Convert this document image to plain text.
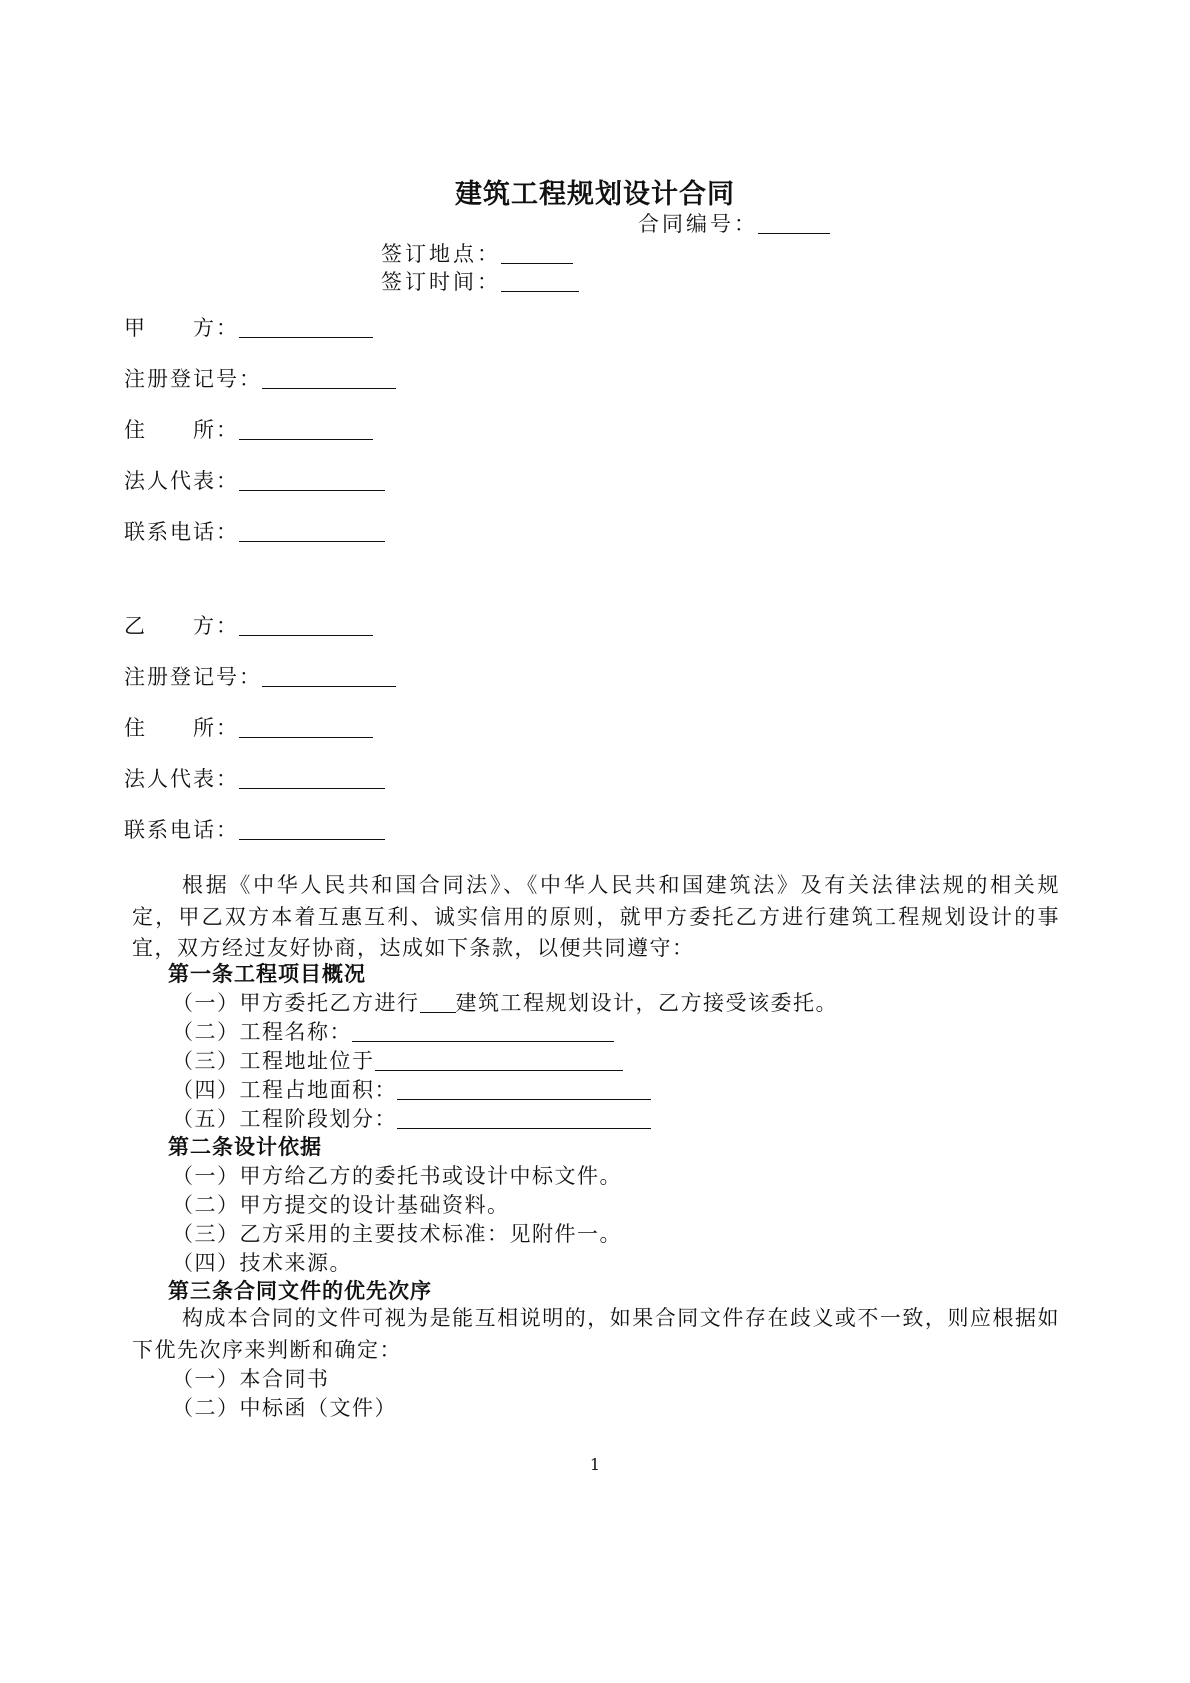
建筑工程规划设计合同
合同编号：
签订地点：
签订时间：
甲　　方：
注册登记号：
住　　所：
法人代表：
联系电话：
乙　　方：
注册登记号：
住　　所：
法人代表：
联系电话：
根据《中华人民共和国合同法》、《中华人民共和国建筑法》及有关法律法规的相关规定，甲乙双方本着互惠互利、诚实信用的原则，就甲方委托乙方进行建筑工程规划设计的事宜，双方经过友好协商，达成如下条款，以便共同遵守：
第一条工程项目概况
（一）甲方委托乙方进行 建筑工程规划设计，乙方接受该委托。
（二）工程名称：
（三）工程地址位于
（四）工程占地面积：
（五）工程阶段划分：
第二条设计依据
（一）甲方给乙方的委托书或设计中标文件。
（二）甲方提交的设计基础资料。
（三）乙方采用的主要技术标准：见附件一。
（四）技术来源。
第三条合同文件的优先次序
构成本合同的文件可视为是能互相说明的，如果合同文件存在歧义或不一致，则应根据如下优先次序来判断和确定：
（一）本合同书
（二）中标函（文件）
1
